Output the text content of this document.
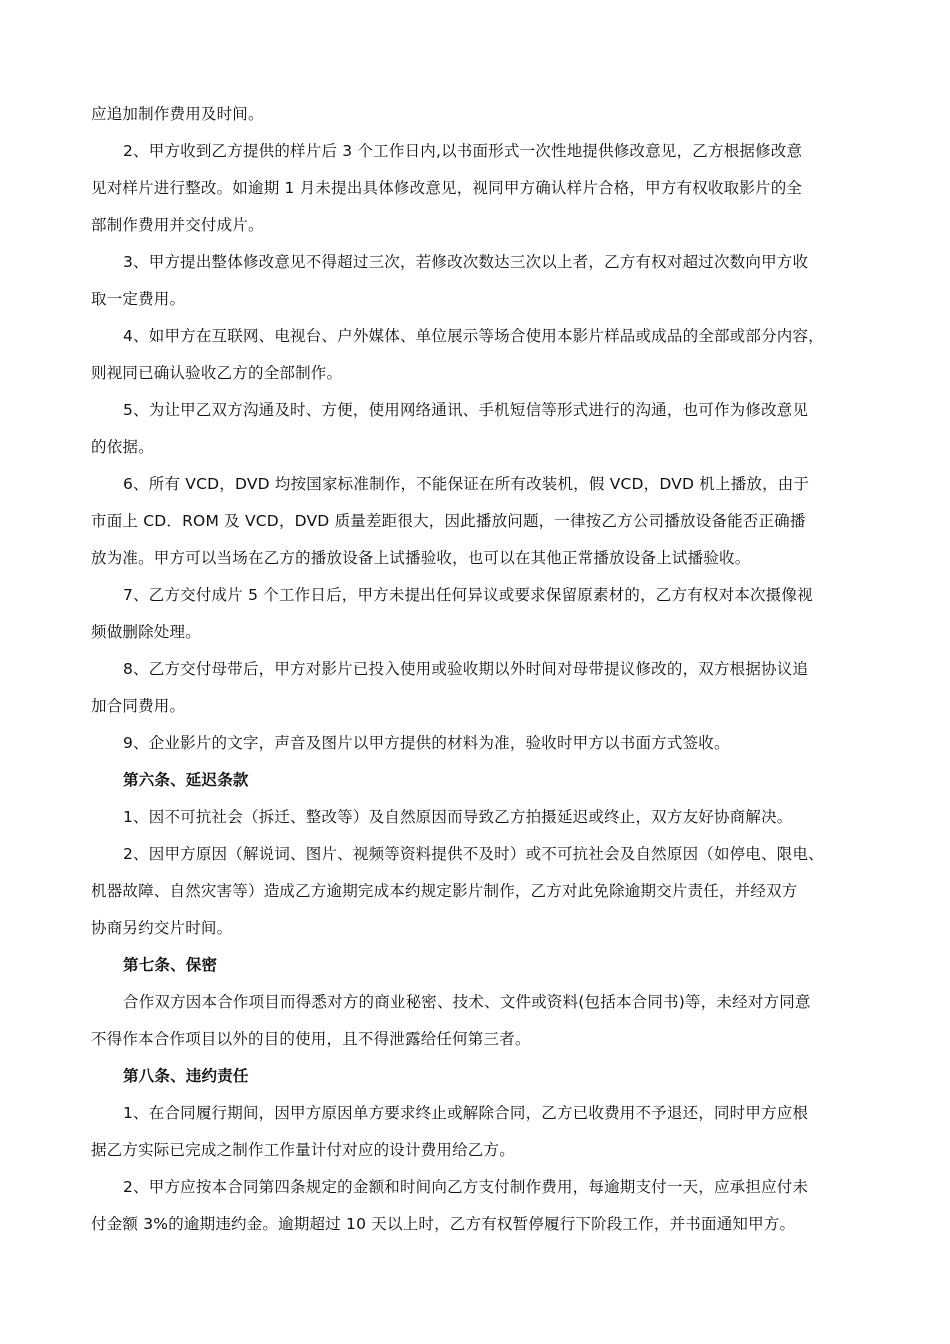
应追加制作费用及时间。

2、甲方收到乙方提供的样片后 3 个工作日内,以书面形式一次性地提供修改意见，乙方根据修改意
见对样片进行整改。如逾期 1 月未提出具体修改意见，视同甲方确认样片合格，甲方有权收取影片的全
部制作费用并交付成片。

3、甲方提出整体修改意见不得超过三次，若修改次数达三次以上者，乙方有权对超过次数向甲方收
取一定费用。

4、如甲方在互联网、电视台、户外媒体、单位展示等场合使用本影片样品或成品的全部或部分内容，
则视同已确认验收乙方的全部制作。

5、为让甲乙双方沟通及时、方便，使用网络通讯、手机短信等形式进行的沟通，也可作为修改意见
的依据。

6、所有 VCD，DVD 均按国家标准制作，不能保证在所有改装机，假 VCD，DVD 机上播放，由于
市面上 CD．ROM 及 VCD，DVD 质量差距很大，因此播放问题，一律按乙方公司播放设备能否正确播
放为准。甲方可以当场在乙方的播放设备上试播验收，也可以在其他正常播放设备上试播验收。

7、乙方交付成片 5 个工作日后，甲方未提出任何异议或要求保留原素材的，乙方有权对本次摄像视
频做删除处理。

8、乙方交付母带后，甲方对影片已投入使用或验收期以外时间对母带提议修改的，双方根据协议追
加合同费用。

9、企业影片的文字，声音及图片以甲方提供的材料为准，验收时甲方以书面方式签收。

第六条、延迟条款

1、因不可抗社会（拆迁、整改等）及自然原因而导致乙方拍摄延迟或终止，双方友好协商解决。

2、因甲方原因（解说词、图片、视频等资料提供不及时）或不可抗社会及自然原因（如停电、限电、
机器故障、自然灾害等）造成乙方逾期完成本约规定影片制作，乙方对此免除逾期交片责任，并经双方
协商另约交片时间。

第七条、保密

合作双方因本合作项目而得悉对方的商业秘密、技术、文件或资料(包括本合同书)等，未经对方同意
不得作本合作项目以外的目的使用，且不得泄露给任何第三者。

第八条、违约责任

1、在合同履行期间，因甲方原因单方要求终止或解除合同，乙方已收费用不予退还，同时甲方应根
据乙方实际已完成之制作工作量计付对应的设计费用给乙方。

2、甲方应按本合同第四条规定的金额和时间向乙方支付制作费用，每逾期支付一天，应承担应付未
付金额 3%的逾期违约金。逾期超过 10 天以上时，乙方有权暂停履行下阶段工作，并书面通知甲方。
